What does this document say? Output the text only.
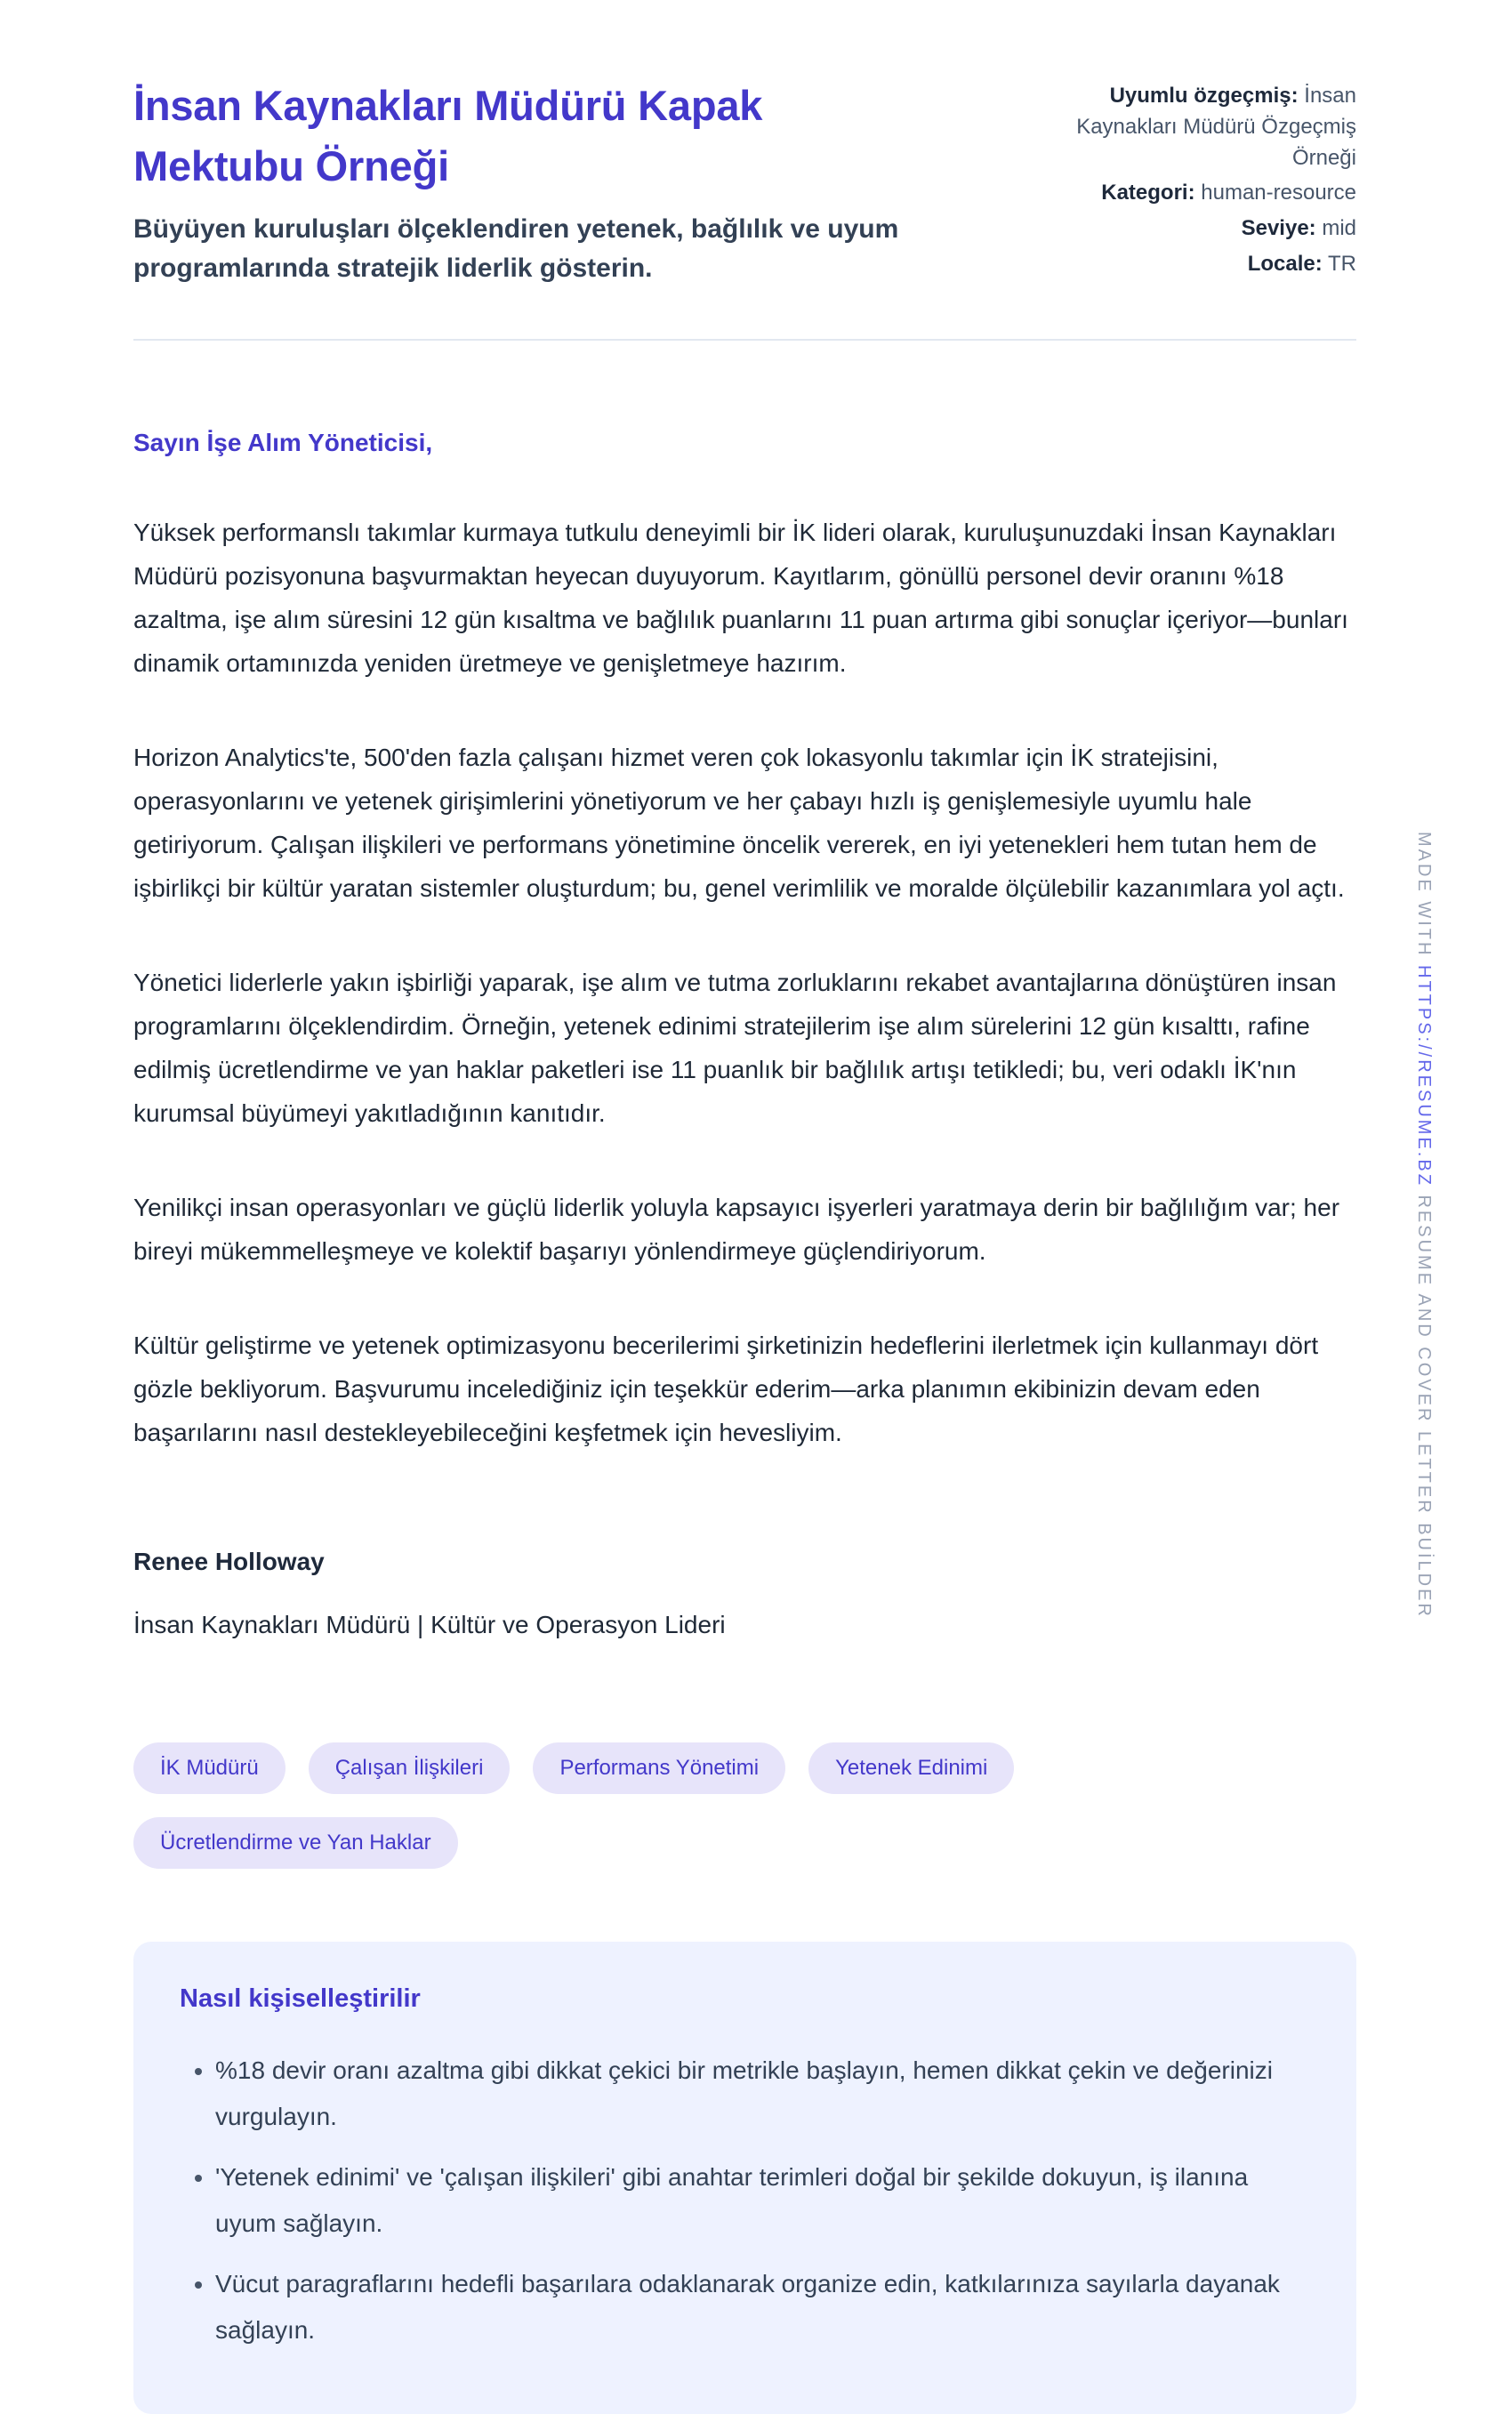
İnsan Kaynakları Müdürü Kapak Mektubu Örneği

Büyüyen kuruluşları ölçeklendiren yetenek, bağlılık ve uyum programlarında stratejik liderlik gösterin.

Uyumlu özgeçmiş: İnsan Kaynakları Müdürü Özgeçmiş Örneği

Kategori: human-resource

Seviye: mid

Locale: TR

Sayın İşe Alım Yöneticisi,

Yüksek performanslı takımlar kurmaya tutkulu deneyimli bir İK lideri olarak, kuruluşunuzdaki İnsan Kaynakları Müdürü pozisyonuna başvurmaktan heyecan duyuyorum. Kayıtlarım, gönüllü personel devir oranını %18 azaltma, işe alım süresini 12 gün kısaltma ve bağlılık puanlarını 11 puan artırma gibi sonuçlar içeriyor—bunları dinamik ortamınızda yeniden üretmeye ve genişletmeye hazırım.

Horizon Analytics'te, 500'den fazla çalışanı hizmet veren çok lokasyonlu takımlar için İK stratejisini, operasyonlarını ve yetenek girişimlerini yönetiyorum ve her çabayı hızlı iş genişlemesiyle uyumlu hale getiriyorum. Çalışan ilişkileri ve performans yönetimine öncelik vererek, en iyi yetenekleri hem tutan hem de işbirlikçi bir kültür yaratan sistemler oluşturdum; bu, genel verimlilik ve moralde ölçülebilir kazanımlara yol açtı.

Yönetici liderlerle yakın işbirliği yaparak, işe alım ve tutma zorluklarını rekabet avantajlarına dönüştüren insan programlarını ölçeklendirdim. Örneğin, yetenek edinimi stratejilerim işe alım sürelerini 12 gün kısalttı, rafine edilmiş ücretlendirme ve yan haklar paketleri ise 11 puanlık bir bağlılık artışı tetikledi; bu, veri odaklı İK'nın kurumsal büyümeyi yakıtladığının kanıtıdır.

Yenilikçi insan operasyonları ve güçlü liderlik yoluyla kapsayıcı işyerleri yaratmaya derin bir bağlılığım var; her bireyi mükemmelleşmeye ve kolektif başarıyı yönlendirmeye güçlendiriyorum.

Kültür geliştirme ve yetenek optimizasyonu becerilerimi şirketinizin hedeflerini ilerletmek için kullanmayı dört gözle bekliyorum. Başvurumu incelediğiniz için teşekkür ederim—arka planımın ekibinizin devam eden başarılarını nasıl destekleyebileceğini keşfetmek için hevesliyim.

Renee Holloway

İnsan Kaynakları Müdürü | Kültür ve Operasyon Lideri

İK Müdürü	Çalışan İlişkileri	Performans Yönetimi	Yetenek Edinimi
Ücretlendirme ve Yan Haklar
Nasıl kişiselleştirilir
• %18 devir oranı azaltma gibi dikkat çekici bir metrikle başlayın, hemen dikkat çekin ve değerinizi vurgulayın.
• 'Yetenek edinimi' ve 'çalışan ilişkileri' gibi anahtar terimleri doğal bir şekilde dokuyun, iş ilanına uyum sağlayın.
• Vücut paragraflarını hedefli başarılara odaklanarak organize edin, katkılarınıza sayılarla dayanak sağlayın.
MADE WITH HTTPS://RESUME.BZ RESUME AND COVER LETTER BUİLDER
